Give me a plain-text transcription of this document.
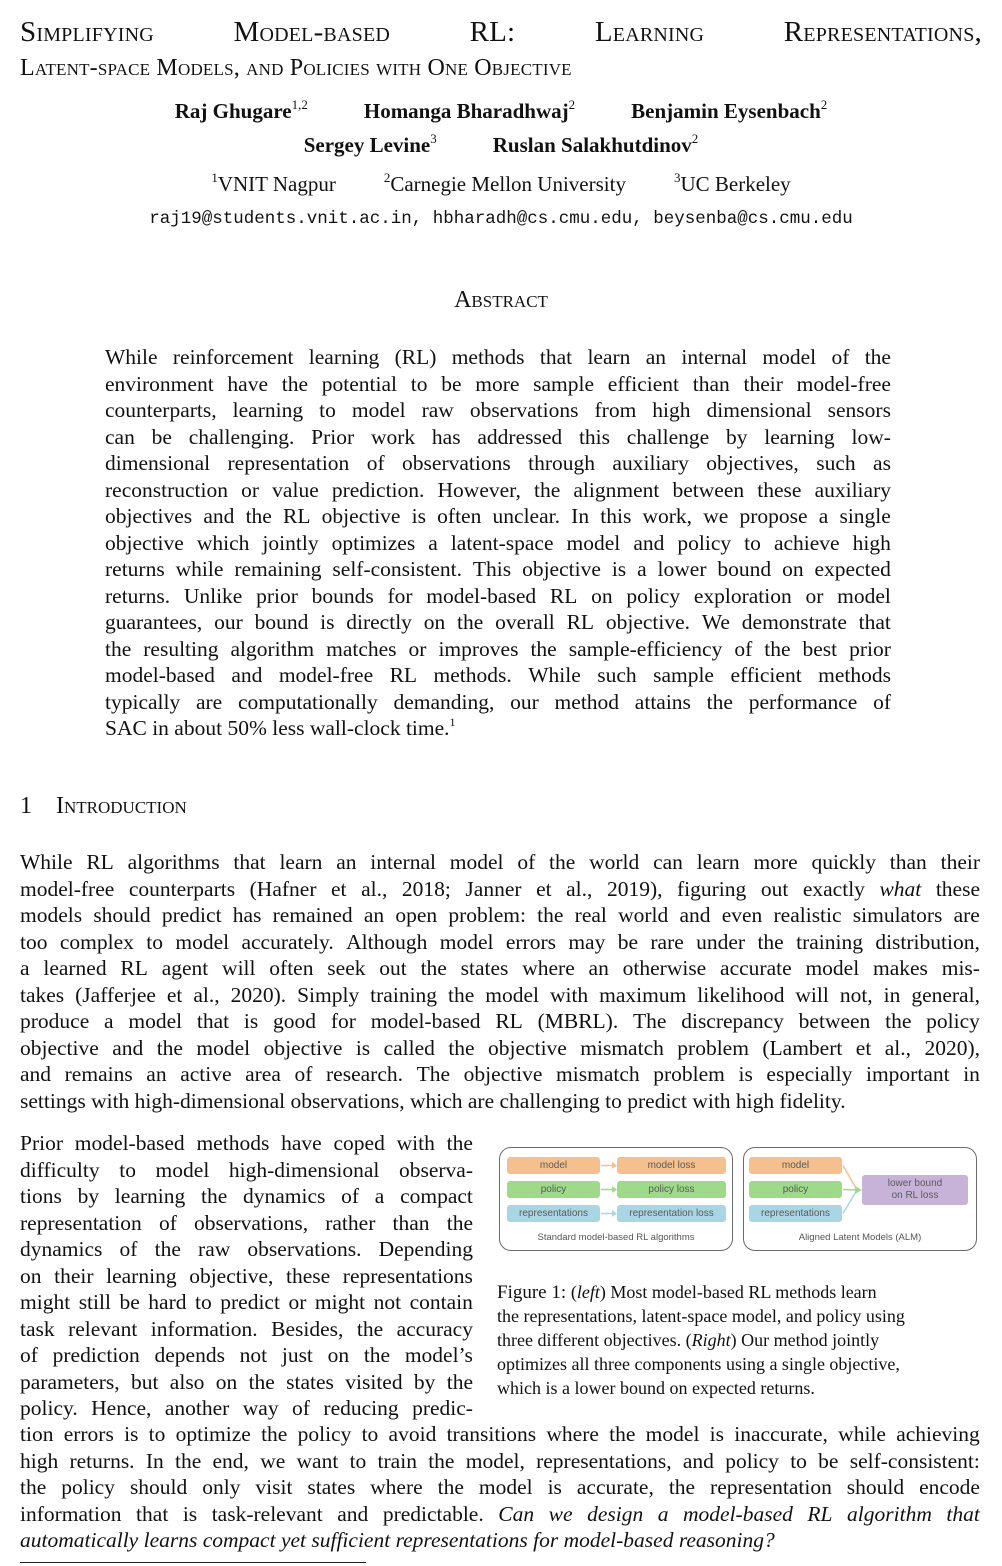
Simplifying	Model-based	RL:	Learning	Representations,
Latent-space Models, and Policies with One Objective
Raj Ghugare$^{1,2}$	Homanga Bharadhwaj$^2$	Benjamin Eysenbach$^2$
Sergey Levine$^3$	Ruslan Salakhutdinov$^2$
$^1$VNIT Nagpur	$^2$Carnegie Mellon University	$^3$UC Berkeley
raj19@students.vnit.ac.in, hbharadh@cs.cmu.edu, beysenba@cs.cmu.edu
Abstract
While reinforcement learning (RL) methods that learn an internal model of the
environment have the potential to be more sample efficient than their model-free
counterparts, learning to model raw observations from high dimensional sensors
can be challenging. Prior work has addressed this challenge by learning low-
dimensional representation of observations through auxiliary objectives, such as
reconstruction or value prediction. However, the alignment between these auxiliary
objectives and the RL objective is often unclear. In this work, we propose a single
objective which jointly optimizes a latent-space model and policy to achieve high
returns while remaining self-consistent. This objective is a lower bound on expected
returns. Unlike prior bounds for model-based RL on policy exploration or model
guarantees, our bound is directly on the overall RL objective. We demonstrate that
the resulting algorithm matches or improves the sample-efficiency of the best prior
model-based and model-free RL methods. While such sample efficient methods
typically are computationally demanding, our method attains the performance of
SAC in about 50% less wall-clock time.$^1$
1 Introduction
While RL algorithms that learn an internal model of the world can learn more quickly than their
model-free counterparts (Hafner et al., 2018; Janner et al., 2019), figuring out exactly what these
models should predict has remained an open problem: the real world and even realistic simulators are
too complex to model accurately. Although model errors may be rare under the training distribution,
a learned RL agent will often seek out the states where an otherwise accurate model makes mis-
takes (Jafferjee et al., 2020). Simply training the model with maximum likelihood will not, in general,
produce a model that is good for model-based RL (MBRL). The discrepancy between the policy
objective and the model objective is called the objective mismatch problem (Lambert et al., 2020),
and remains an active area of research. The objective mismatch problem is especially important in
settings with high-dimensional observations, which are challenging to predict with high fidelity.
Prior model-based methods have coped with the
difficulty to model high-dimensional observa-
tions by learning the dynamics of a compact
representation of observations, rather than the
dynamics of the raw observations. Depending
on their learning objective, these representations
might still be hard to predict or might not contain
task relevant information. Besides, the accuracy
of prediction depends not just on the model’s
parameters, but also on the states visited by the
policy. Hence, another way of reducing predic-
tion errors is to optimize the policy to avoid transitions where the model is inaccurate, while achieving
high returns. In the end, we want to train the model, representations, and policy to be self-consistent:
the policy should only visit states where the model is accurate, the representation should encode
information that is task-relevant and predictable. Can we design a model-based RL algorithm that
automatically learns compact yet sufficient representations for model-based reasoning?
Standard model-based RL algorithms
model	model loss
policy	policy loss
representations	representation loss
Aligned Latent Models (ALM)
lower bound
on RL loss
model
policy
representations
Figure 1: (left) Most model-based RL methods learn
the representations, latent-space model, and policy using
three different objectives. (Right) Our method jointly
optimizes all three components using a single objective,
which is a lower bound on expected returns.
